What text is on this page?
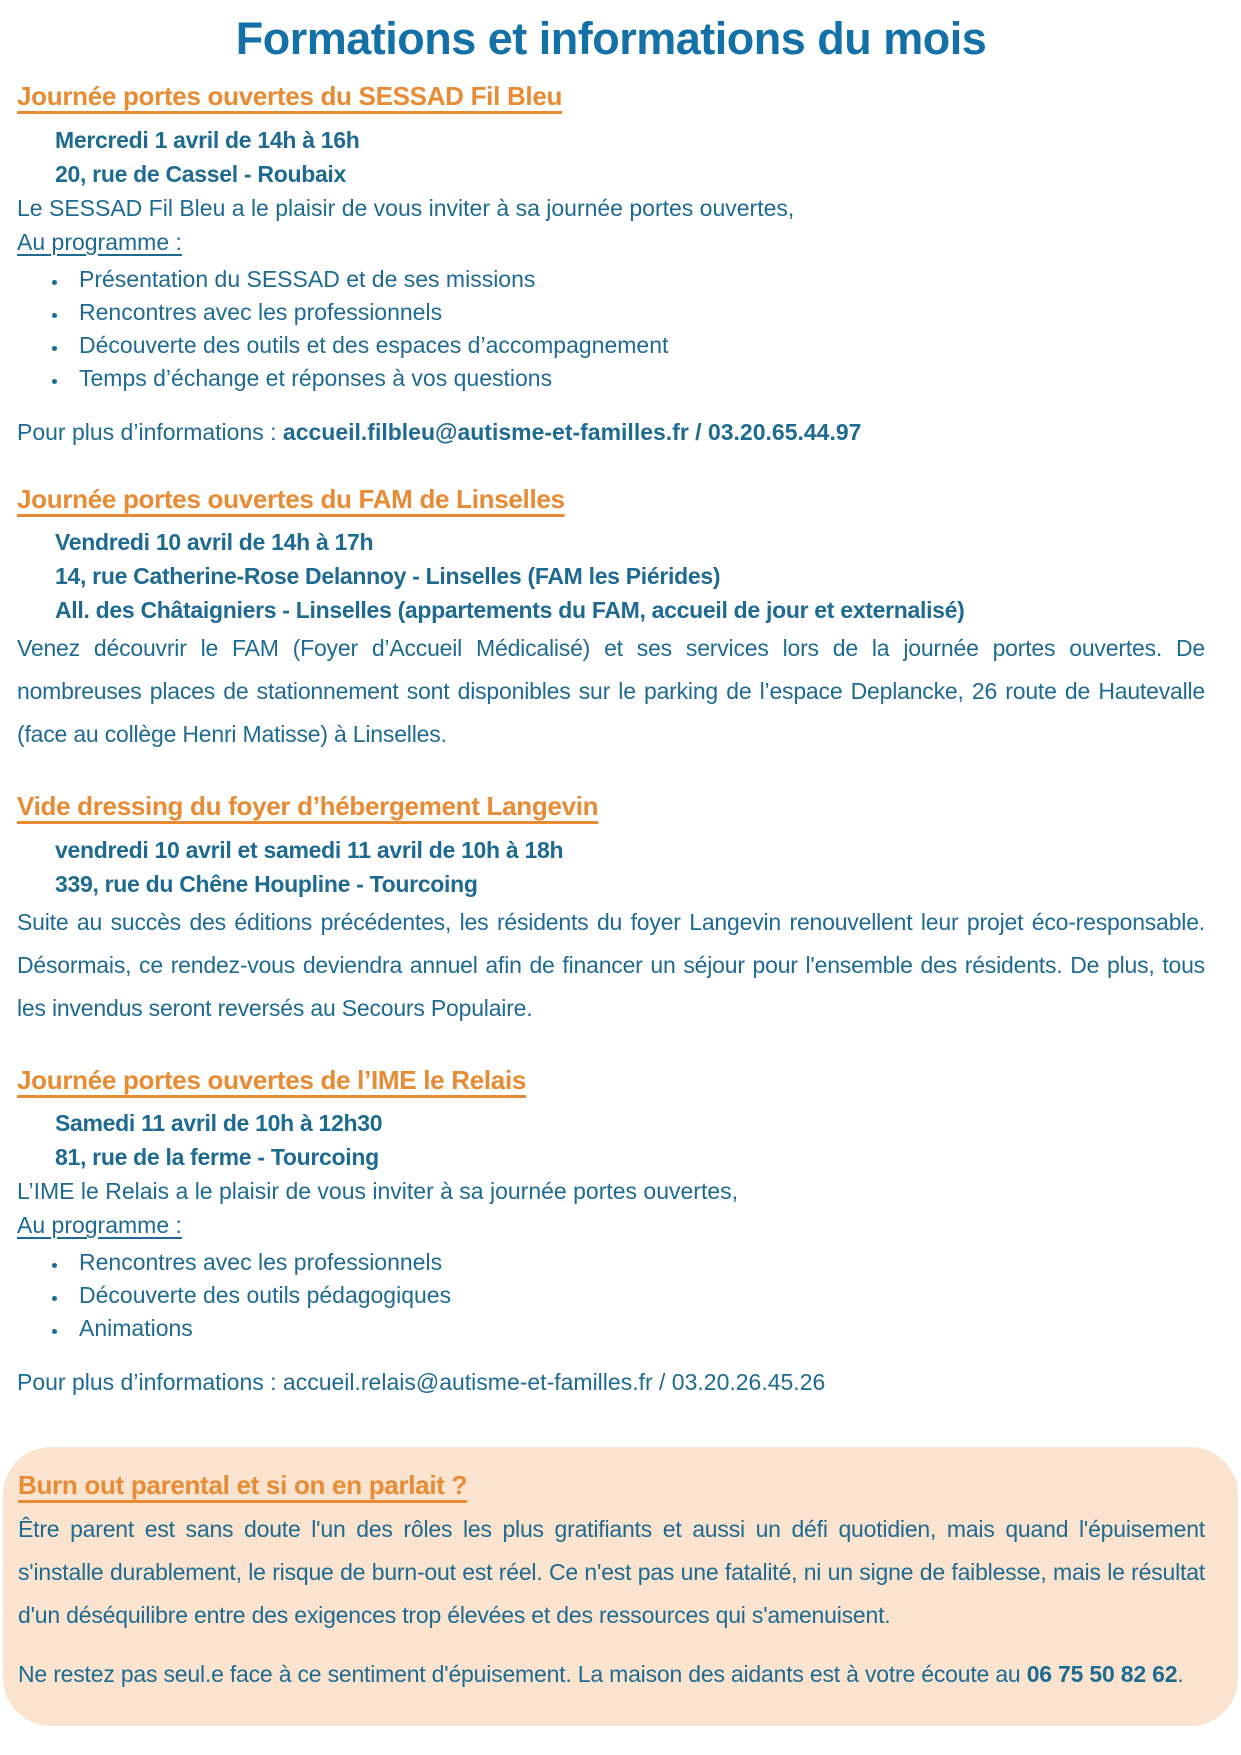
Formations et informations du mois
Journée portes ouvertes du SESSAD Fil Bleu

Mercredi 1 avril de 14h à 16h

20, rue de Cassel - Roubaix

Le SESSAD Fil Bleu a le plaisir de vous inviter à sa journée portes ouvertes,

Au programme :

• Présentation du SESSAD et de ses missions
• Rencontres avec les professionnels
• Découverte des outils et des espaces d’accompagnement
• Temps d’échange et réponses à vos questions

Pour plus d’informations : accueil.filbleu@autisme-et-familles.fr / 03.20.65.44.97

Journée portes ouvertes du FAM de Linselles

Vendredi 10 avril de 14h à 17h

14, rue Catherine-Rose Delannoy - Linselles (FAM les Piérides)

All. des Châtaigniers - Linselles (appartements du FAM, accueil de jour et externalisé)

Venez découvrir le FAM (Foyer d’Accueil Médicalisé) et ses services lors de la journée portes ouvertes. De nombreuses places de stationnement sont disponibles sur le parking de l’espace Deplancke, 26 route de Hautevalle (face au collège Henri Matisse) à Linselles.

Vide dressing du foyer d’hébergement Langevin

vendredi 10 avril et samedi 11 avril de 10h à 18h

339, rue du Chêne Houpline - Tourcoing

Suite au succès des éditions précédentes, les résidents du foyer Langevin renouvellent leur projet éco-responsable. Désormais, ce rendez-vous deviendra annuel afin de financer un séjour pour l'ensemble des résidents. De plus, tous les invendus seront reversés au Secours Populaire.

Journée portes ouvertes de l’IME le Relais

Samedi 11 avril de 10h à 12h30

81, rue de la ferme - Tourcoing

L’IME le Relais a le plaisir de vous inviter à sa journée portes ouvertes,

Au programme :

• Rencontres avec les professionnels
• Découverte des outils pédagogiques
• Animations

Pour plus d’informations : accueil.relais@autisme-et-familles.fr / 03.20.26.45.26

Burn out parental et si on en parlait ?

Être parent est sans doute l'un des rôles les plus gratifiants et aussi un défi quotidien, mais quand l'épuisement s'installe durablement, le risque de burn-out est réel. Ce n'est pas une fatalité, ni un signe de faiblesse, mais le résultat d'un déséquilibre entre des exigences trop élevées et des ressources qui s'amenuisent.

Ne restez pas seul.e face à ce sentiment d'épuisement. La maison des aidants est à votre écoute au 06 75 50 82 62.
